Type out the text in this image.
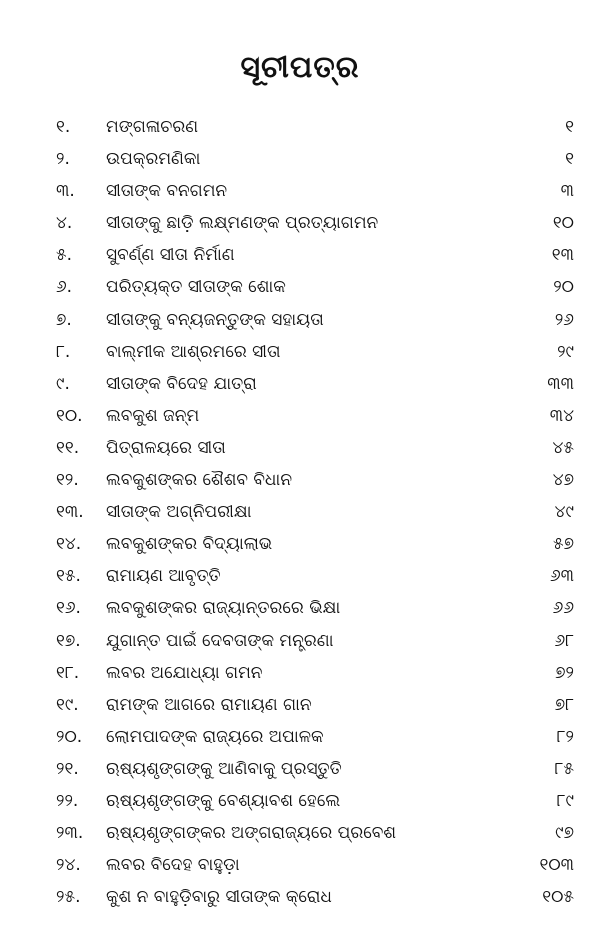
ସୂଚୀପତ୍ର
୧. ମଙ୍ଗଳାଚରଣ	୧
୨. ଉପକ୍ରମଣିକା	୧
୩. ସୀତାଙ୍କ ବନଗମନ	୩
୪. ସୀତାଙ୍କୁ ଛାଡ଼ି ଲକ୍ଷ୍ମଣଙ୍କ ପ୍ରତ୍ୟାଗମନ	୧୦
୫. ସୁବର୍ଣ୍ଣ ସୀତା ନିର୍ମାଣ	୧୩
୬. ପରିତ୍ୟକ୍ତ ସୀତାଙ୍କ ଶୋକ	୨୦
୭. ସୀତାଙ୍କୁ ବନ୍ୟଜନ୍ତୁଙ୍କ ସହାୟତା	୨୬
୮. ବାଲ୍ମୀକ ଆଶ୍ରମରେ ସୀତା	୨୯
୯. ସୀତାଙ୍କ ବିଦେହ ଯାତ୍ରା	୩୩
୧୦. ଲବକୁଶ ଜନ୍ମ	୩୪
୧୧. ପିତ୍ରାଳୟରେ ସୀତା	୪୫
୧୨. ଲବକୁଶଙ୍କର ଶୈଶବ ବିଧାନ	୪୭
୧୩. ସୀତାଙ୍କ ଅଗ୍ନିପରୀକ୍ଷା	୪୯
୧୪. ଲବକୁଶଙ୍କର ବିଦ୍ୟାଲାଭ	୫୭
୧୫. ରାମାୟଣ ଆବୃତ୍ତି	୬୩
୧୬. ଲବକୁଶଙ୍କର ରାଜ୍ୟାନ୍ତରରେ ଭିକ୍ଷା	୬୬
୧୭. ଯୁଗାନ୍ତ ପାଇଁ ଦେବତାଙ୍କ ମନ୍ତ୍ରଣା	୬୮
୧୮. ଲବର ଅଯୋଧ୍ୟା ଗମନ	୭୨
୧୯. ରାମଙ୍କ ଆଗରେ ରାମାୟଣ ଗାନ	୭୮
୨୦. ଲୋମପାଦଙ୍କ ରାଜ୍ୟରେ ଅପାଳକ	୮୨
୨୧. ଋଷ୍ୟଶୃଙ୍ଗଙ୍କୁ ଆଣିବାକୁ ପ୍ରସ୍ତୁତି	୮୫
୨୨. ଋଷ୍ୟଶୃଙ୍ଗଙ୍କୁ ବେଶ୍ୟାବଶ ହେଲେ	୮୯
୨୩. ଋଷ୍ୟଶୃଙ୍ଗଙ୍କର ଅଙ୍ଗରାଜ୍ୟରେ ପ୍ରବେଶ	୯୭
୨୪. ଲବର ବିଦେହ ବାହୁଡ଼ା	୧୦୩
୨୫. କୁଶ ନ ବାହୁଡ଼ିବାରୁ ସୀତାଙ୍କ କ୍ରୋଧ	୧୦୫
